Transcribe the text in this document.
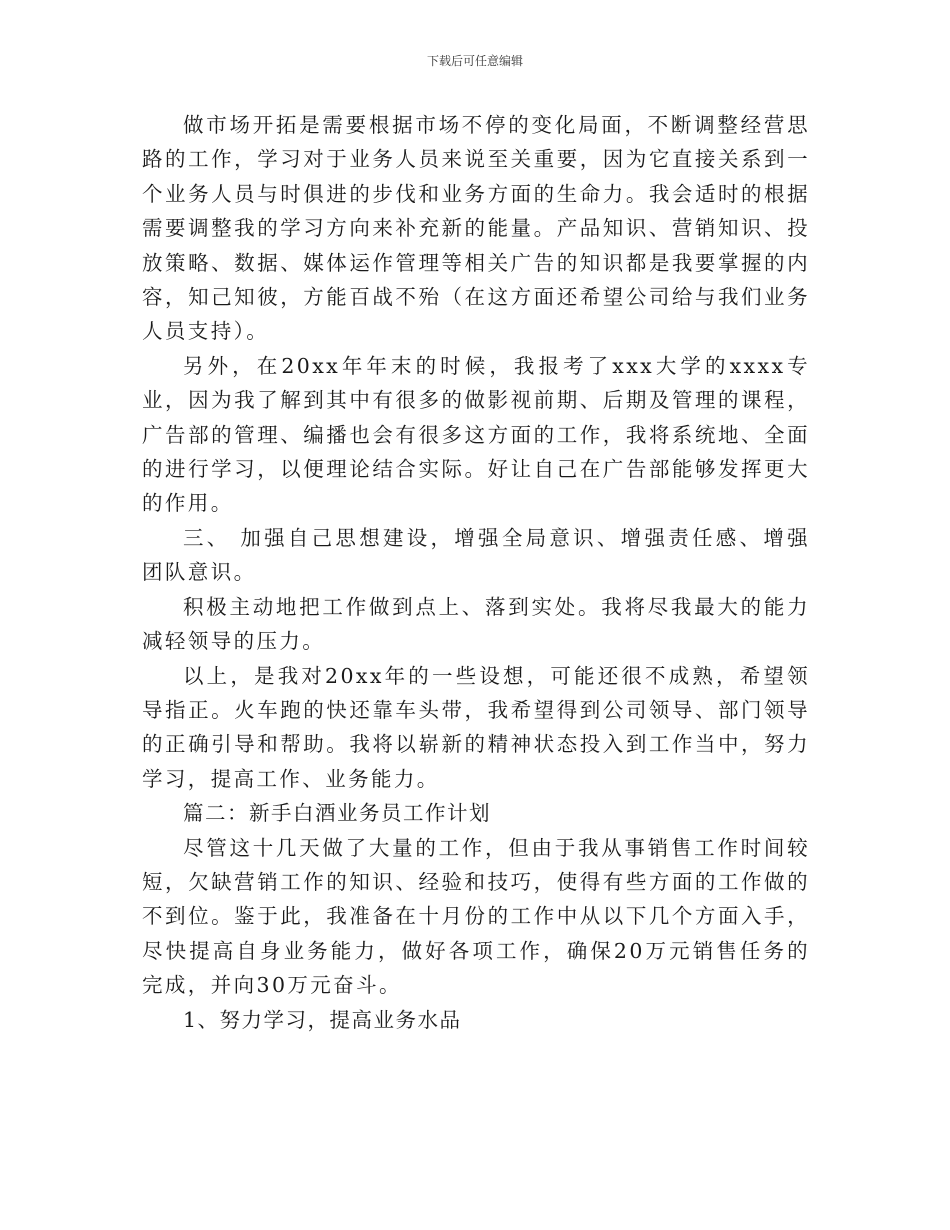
下载后可任意编辑

做市场开拓是需要根据市场不停的变化局面，不断调整经营思路的工作，学习对于业务人员来说至关重要，因为它直接关系到一个业务人员与时俱进的步伐和业务方面的生命力。我会适时的根据需要调整我的学习方向来补充新的能量。产品知识、营销知识、投放策略、数据、媒体运作管理等相关广告的知识都是我要掌握的内容，知己知彼，方能百战不殆（在这方面还希望公司给与我们业务人员支持）。

另外，在20xx年年末的时候，我报考了xxx大学的xxxx专业，因为我了解到其中有很多的做影视前期、后期及管理的课程，广告部的管理、编播也会有很多这方面的工作，我将系统地、全面的进行学习，以便理论结合实际。好让自己在广告部能够发挥更大的作用。

三、 加强自己思想建设，增强全局意识、增强责任感、增强团队意识。

积极主动地把工作做到点上、落到实处。我将尽我最大的能力减轻领导的压力。

以上，是我对20xx年的一些设想，可能还很不成熟，希望领导指正。火车跑的快还靠车头带，我希望得到公司领导、部门领导的正确引导和帮助。我将以崭新的精神状态投入到工作当中，努力学习，提高工作、业务能力。

篇二：新手白酒业务员工作计划

尽管这十几天做了大量的工作，但由于我从事销售工作时间较短，欠缺营销工作的知识、经验和技巧，使得有些方面的工作做的不到位。鉴于此，我准备在十月份的工作中从以下几个方面入手，尽快提高自身业务能力，做好各项工作，确保20万元销售任务的完成，并向30万元奋斗。

1、努力学习，提高业务水品
